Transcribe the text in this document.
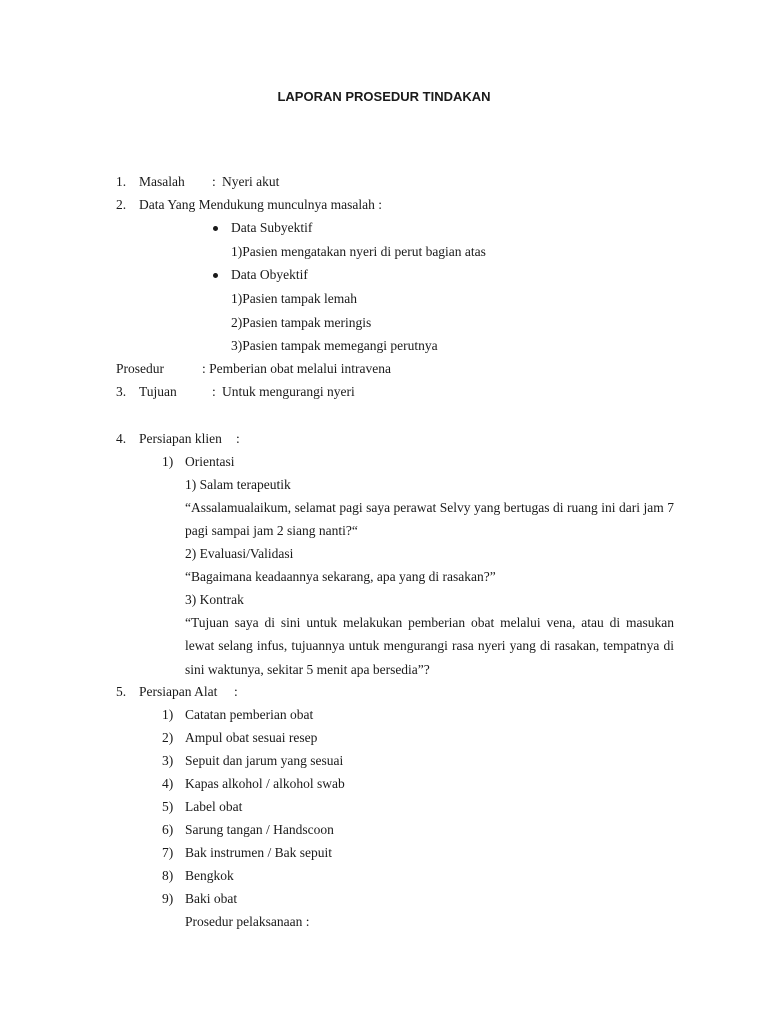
LAPORAN PROSEDUR TINDAKAN
1. Masalah : Nyeri akut
2. Data Yang Mendukung munculnya masalah :
Data Subyektif
1)Pasien mengatakan nyeri di perut bagian atas
Data Obyektif
1)Pasien tampak lemah
2)Pasien tampak meringis
3)Pasien tampak memegangi perutnya
Prosedur	: Pemberian obat melalui intravena
3. Tujuan	: Untuk mengurangi nyeri
4. Persiapan klien :
1) Orientasi
1) Salam terapeutik
“Assalamualaikum, selamat pagi saya perawat Selvy yang bertugas di ruang ini dari jam 7 pagi sampai jam 2 siang nanti?“
2) Evaluasi/Validasi
“Bagaimana keadaannya sekarang, apa yang di rasakan?”
3) Kontrak
“Tujuan saya di sini untuk melakukan pemberian obat melalui vena, atau di masukan lewat selang infus, tujuannya untuk mengurangi rasa nyeri yang di rasakan, tempatnya di sini waktunya, sekitar 5 menit apa bersedia”?
5. Persiapan Alat :
1) Catatan pemberian obat
2) Ampul obat sesuai resep
3) Sepuit dan jarum yang sesuai
4) Kapas alkohol / alkohol swab
5) Label obat
6) Sarung tangan / Handscoon
7) Bak instrumen / Bak sepuit
8) Bengkok
9) Baki obat
Prosedur pelaksanaan :
